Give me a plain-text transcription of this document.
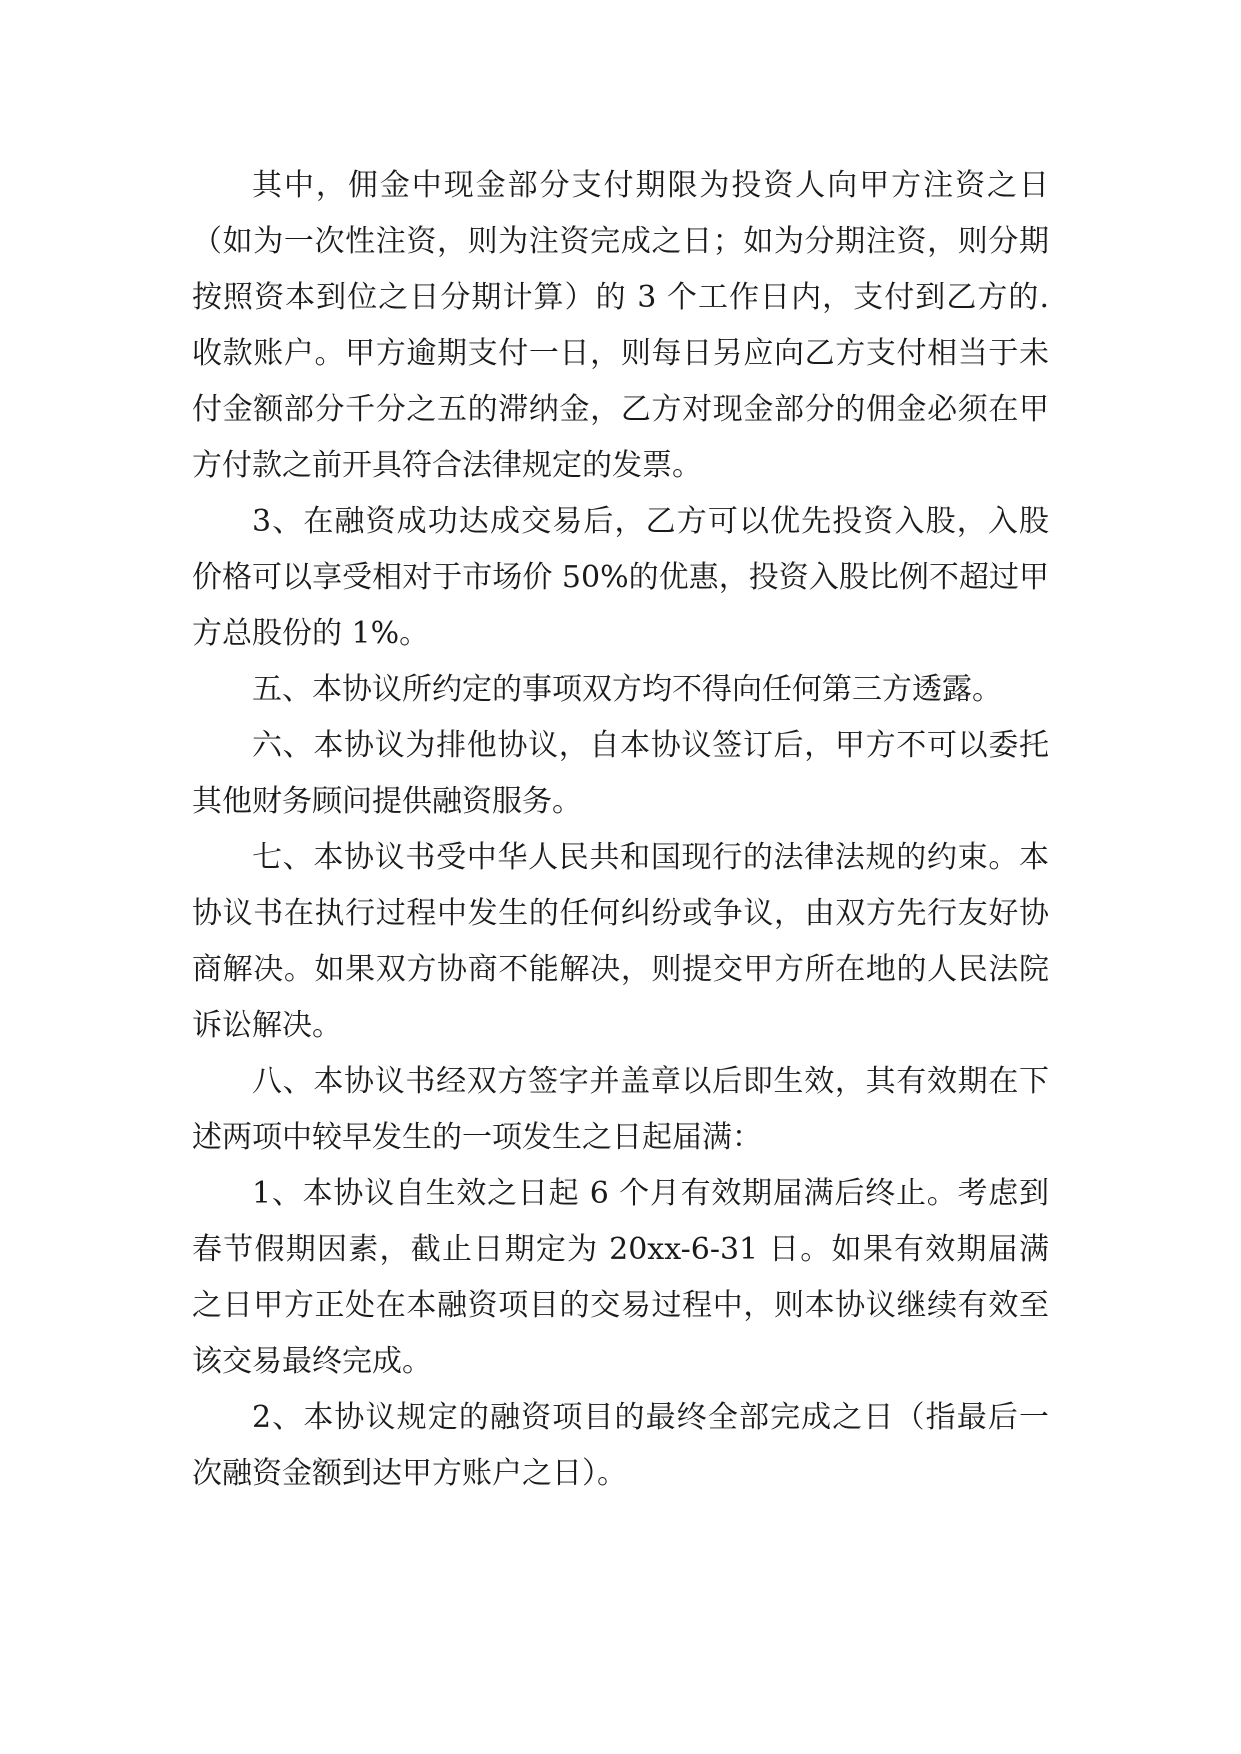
其中，佣金中现金部分支付期限为投资人向甲方注资之日（如为一次性注资，则为注资完成之日；如为分期注资，则分期按照资本到位之日分期计算）的 3 个工作日内，支付到乙方的.收款账户。甲方逾期支付一日，则每日另应向乙方支付相当于未付金额部分千分之五的滞纳金，乙方对现金部分的佣金必须在甲方付款之前开具符合法律规定的发票。

3、在融资成功达成交易后，乙方可以优先投资入股，入股价格可以享受相对于市场价 50%的优惠，投资入股比例不超过甲方总股份的 1%。

五、本协议所约定的事项双方均不得向任何第三方透露。

六、本协议为排他协议，自本协议签订后，甲方不可以委托其他财务顾问提供融资服务。

七、本协议书受中华人民共和国现行的法律法规的约束。本协议书在执行过程中发生的任何纠纷或争议，由双方先行友好协商解决。如果双方协商不能解决，则提交甲方所在地的人民法院诉讼解决。

八、本协议书经双方签字并盖章以后即生效，其有效期在下述两项中较早发生的一项发生之日起届满：

1、本协议自生效之日起 6 个月有效期届满后终止。考虑到春节假期因素，截止日期定为 20xx-6-31 日。如果有效期届满之日甲方正处在本融资项目的交易过程中，则本协议继续有效至该交易最终完成。

2、本协议规定的融资项目的最终全部完成之日（指最后一次融资金额到达甲方账户之日）。
